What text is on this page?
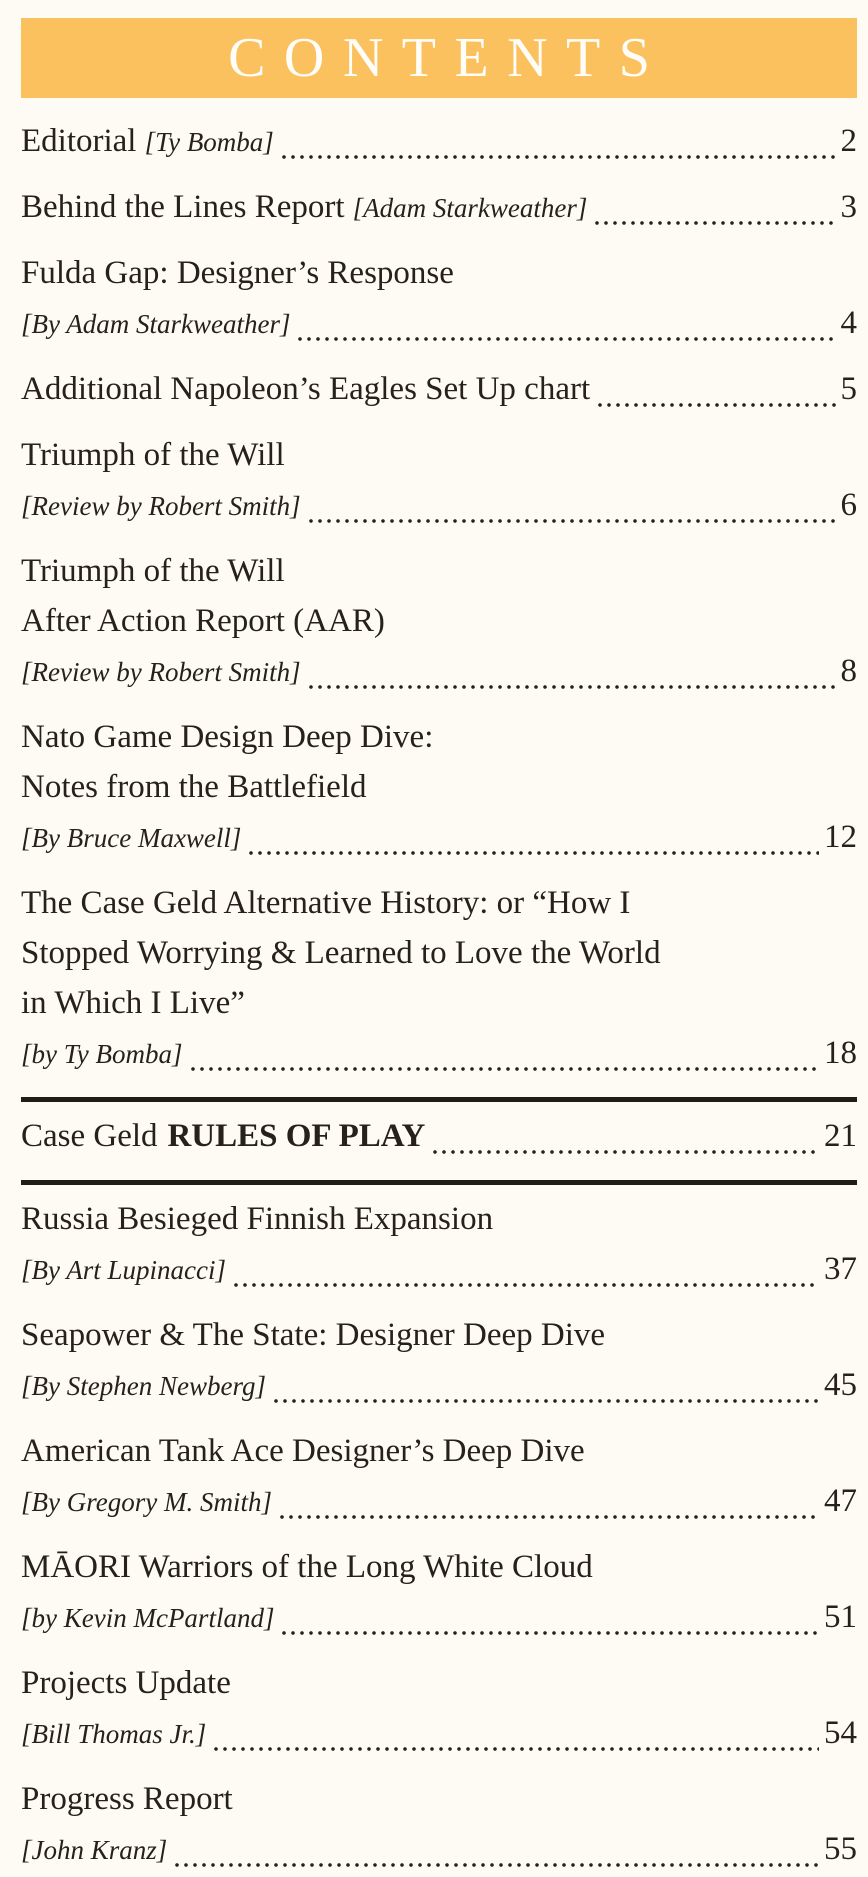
CONTENTS
Editorial [Ty Bomba]	2
Behind the Lines Report [Adam Starkweather]	3
Fulda Gap: Designer’s Response
[By Adam Starkweather]	4
Additional Napoleon’s Eagles Set Up chart	5
Triumph of the Will
[Review by Robert Smith]	6
Triumph of the Will
After Action Report (AAR)
[Review by Robert Smith]	8
Nato Game Design Deep Dive:
Notes from the Battlefield
[By Bruce Maxwell]	12
The Case Geld Alternative History: or “How I
Stopped Worrying & Learned to Love the World
in Which I Live”
[by Ty Bomba]	18
Case Geld RULES OF PLAY	21
Russia Besieged Finnish Expansion
[By Art Lupinacci]	37
Seapower & The State: Designer Deep Dive
[By Stephen Newberg]	45
American Tank Ace Designer’s Deep Dive
[By Gregory M. Smith]	47
MĀORI Warriors of the Long White Cloud
[by Kevin McPartland]	51
Projects Update
[Bill Thomas Jr.]	54
Progress Report
[John Kranz]	55
